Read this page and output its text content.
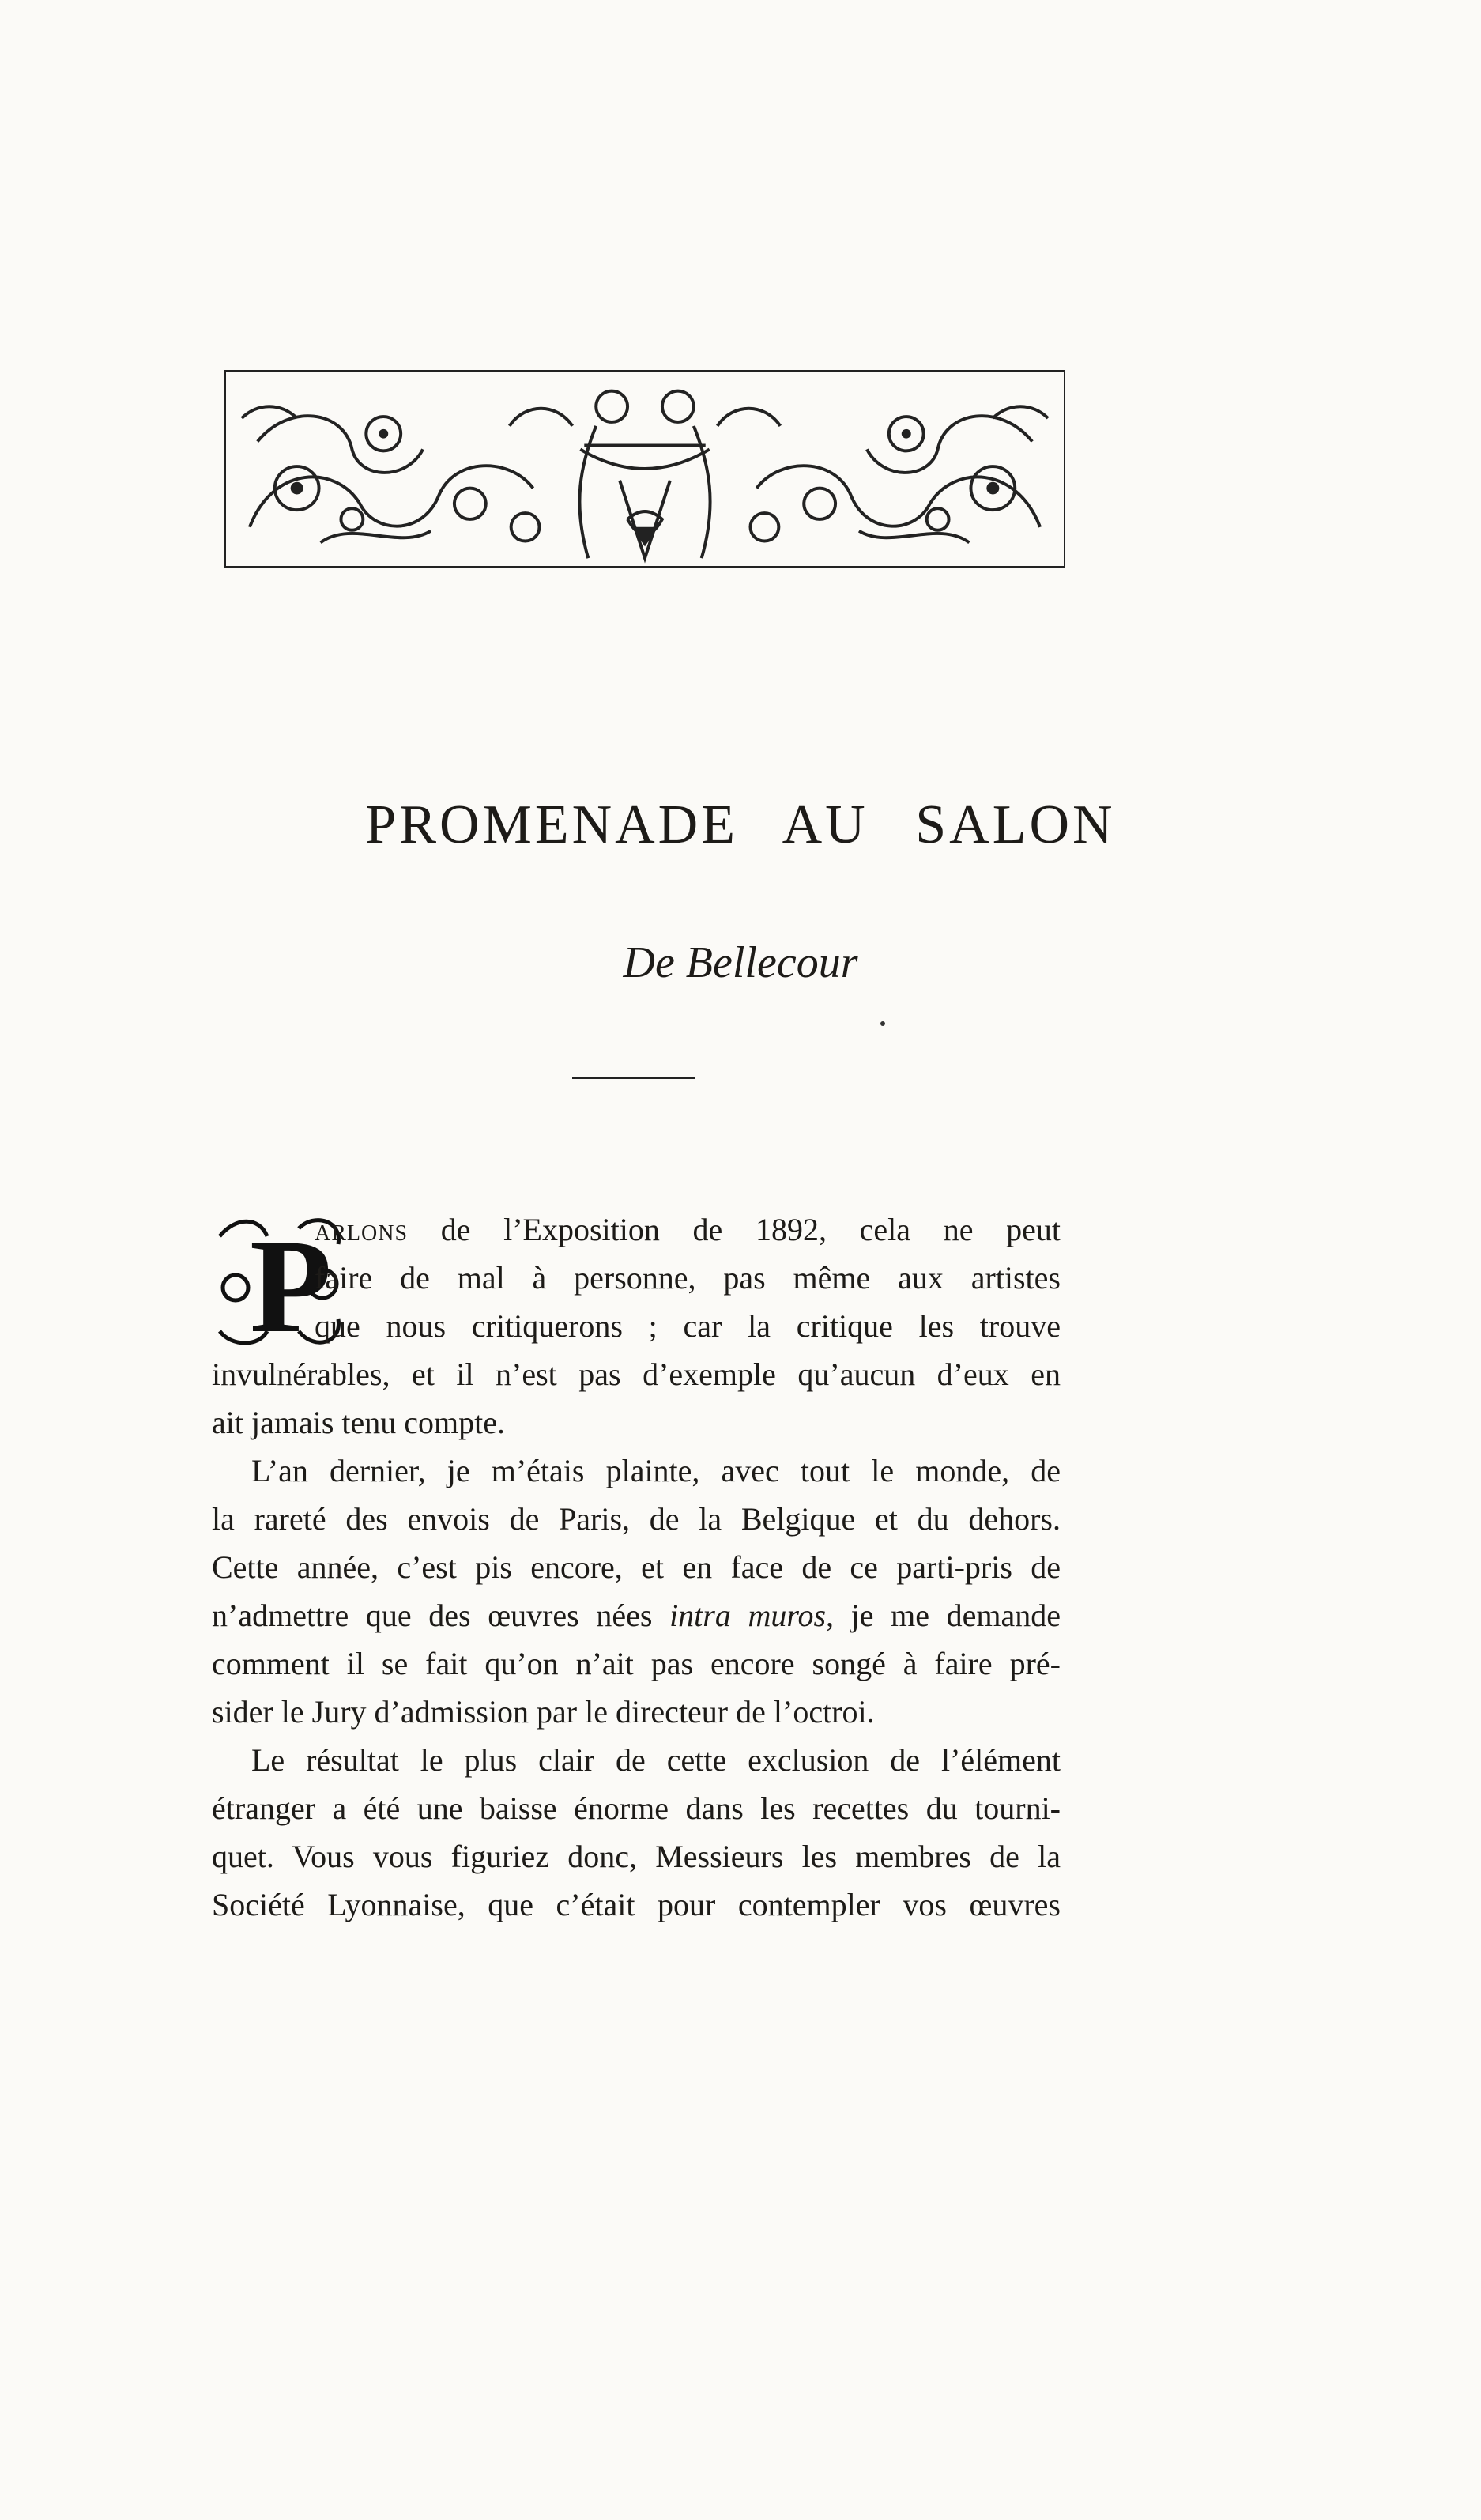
PROMENADE AU SALON
De Bellecour
P
arlons de l’Exposition de 1892, cela ne peut
faire de mal à personne, pas même aux artistes
que nous critiquerons ; car la critique les trouve
invulnérables, et il n’est pas d’exemple qu’aucun d’eux en
ait jamais tenu compte.
L’an dernier, je m’étais plainte, avec tout le monde, de
la rareté des envois de Paris, de la Belgique et du dehors.
Cette année, c’est pis encore, et en face de ce parti-pris de
n’admettre que des œuvres nées intra muros, je me demande
comment il se fait qu’on n’ait pas encore songé à faire pré-
sider le Jury d’admission par le directeur de l’octroi.
Le résultat le plus clair de cette exclusion de l’élément
étranger a été une baisse énorme dans les recettes du tourni-
quet. Vous vous figuriez donc, Messieurs les membres de la
Société Lyonnaise, que c’était pour contempler vos œuvres
